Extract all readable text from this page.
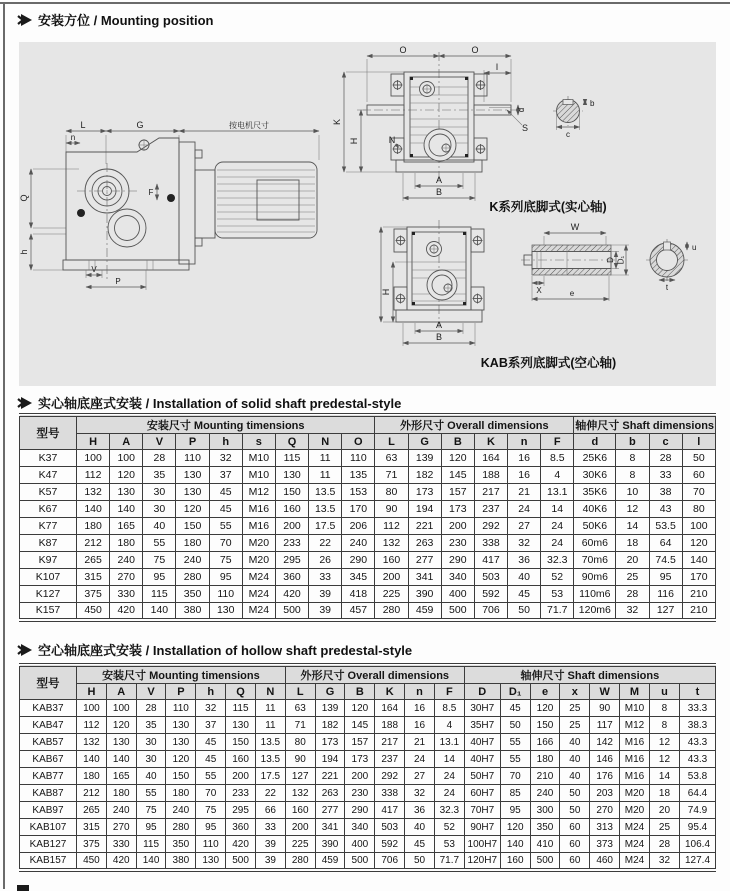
安装方位 / Mounting position
L	G	按电机尺寸
n
Q
h
F
V
P
O	O
I
K
H	N
d
S
A
B
b
c
H
A
B
W
D D₁
X	e
u
t
K系列底脚式(实心轴)
KAB系列底脚式(空心轴)
实心轴底座式安装 / Installation of solid shaft predestal-style
型号	安装尺寸 Mounting timensions									外形尺寸 Overall dimensions						轴伸尺寸 Shaft dimensions			
	H	A	V	P	h	s	Q	N	O	L	G	B	K	n	F	d	b	c	l
K37	100	100	28	110	32	M10	115	11	110	63	139	120	164	16	8.5	25K6	8	28	50
K47	112	120	35	130	37	M10	130	11	135	71	182	145	188	16	4	30K6	8	33	60
K57	132	130	30	130	45	M12	150	13.5	153	80	173	157	217	21	13.1	35K6	10	38	70
K67	140	140	30	120	45	M16	160	13.5	170	90	194	173	237	24	14	40K6	12	43	80
K77	180	165	40	150	55	M16	200	17.5	206	112	221	200	292	27	24	50K6	14	53.5	100
K87	212	180	55	180	70	M20	233	22	240	132	263	230	338	32	24	60m6	18	64	120
K97	265	240	75	240	75	M20	295	26	290	160	277	290	417	36	32.3	70m6	20	74.5	140
K107	315	270	95	280	95	M24	360	33	345	200	341	340	503	40	52	90m6	25	95	170
K127	375	330	115	350	110	M24	420	39	418	225	390	400	592	45	53	110m6	28	116	210
K157	450	420	140	380	130	M24	500	39	457	280	459	500	706	50	71.7	120m6	32	127	210
空心轴底座式安装 / Installation of hollow shaft predestal-style
型号	安装尺寸 Mounting timensions							外形尺寸 Overall dimensions						轴伸尺寸 Shaft dimensions							
	H	A	V	P	h	Q	N	L	G	B	K	n	F	D	D₁	e	x	W	M	u	t
KAB37	100	100	28	110	32	115	11	63	139	120	164	16	8.5	30H7	45	120	25	90	M10	8	33.3
KAB47	112	120	35	130	37	130	11	71	182	145	188	16	4	35H7	50	150	25	117	M12	8	38.3
KAB57	132	130	30	130	45	150	13.5	80	173	157	217	21	13.1	40H7	55	166	40	142	M16	12	43.3
KAB67	140	140	30	120	45	160	13.5	90	194	173	237	24	14	40H7	55	180	40	146	M16	12	43.3
KAB77	180	165	40	150	55	200	17.5	127	221	200	292	27	24	50H7	70	210	40	176	M16	14	53.8
KAB87	212	180	55	180	70	233	22	132	263	230	338	32	24	60H7	85	240	50	203	M20	18	64.4
KAB97	265	240	75	240	75	295	66	160	277	290	417	36	32.3	70H7	95	300	50	270	M20	20	74.9
KAB107	315	270	95	280	95	360	33	200	341	340	503	40	52	90H7	120	350	60	313	M24	25	95.4
KAB127	375	330	115	350	110	420	39	225	390	400	592	45	53	100H7	140	410	60	373	M24	28	106.4
KAB157	450	420	140	380	130	500	39	280	459	500	706	50	71.7	120H7	160	500	60	460	M24	32	127.4
